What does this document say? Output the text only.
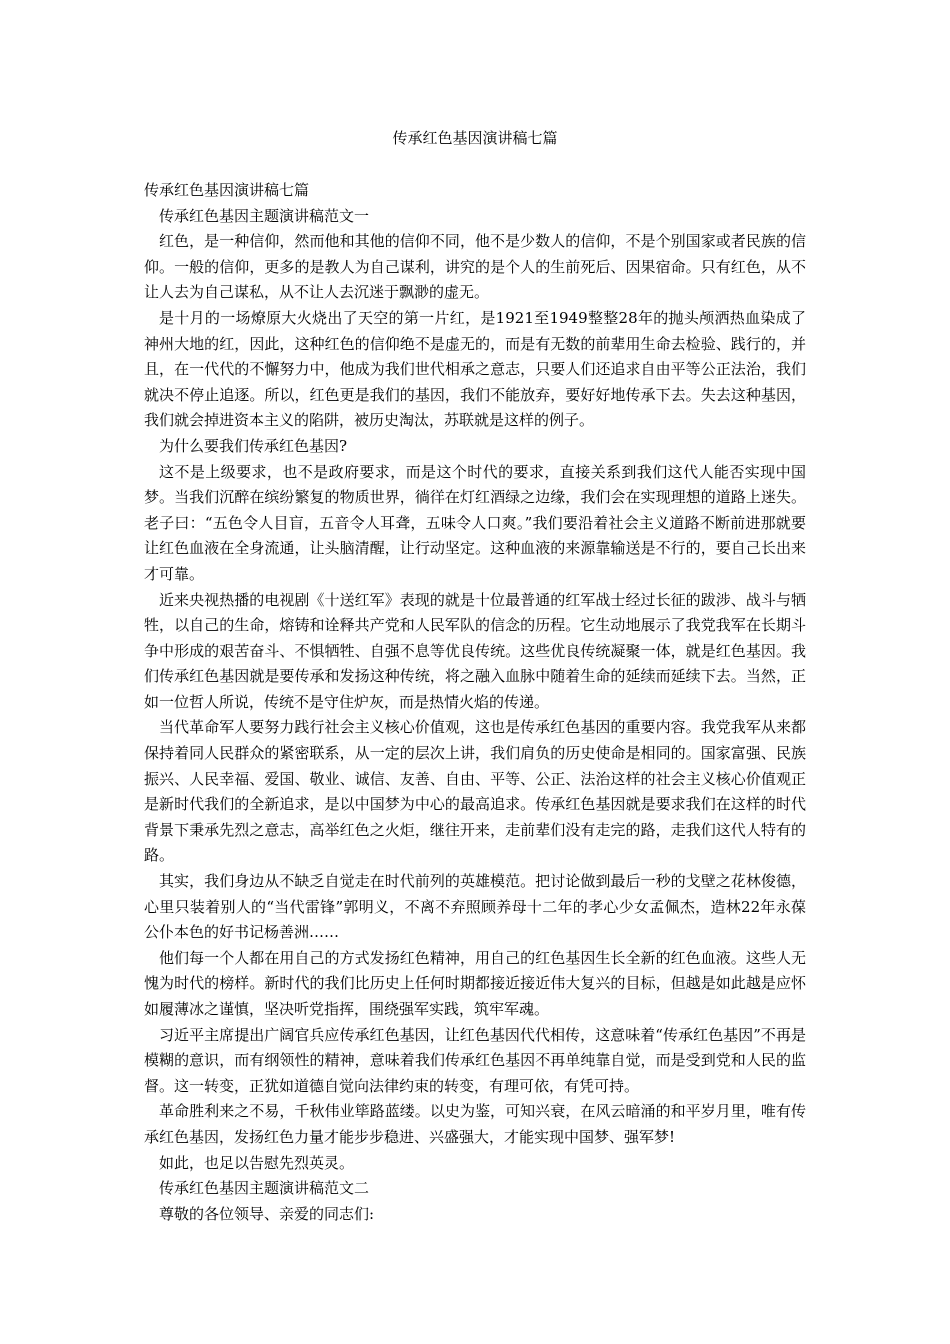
传承红色基因演讲稿七篇

传承红色基因演讲稿七篇

传承红色基因主题演讲稿范文一

红色，是一种信仰，然而他和其他的信仰不同，他不是少数人的信仰，不是个别国家或者民族的信仰。一般的信仰，更多的是教人为自己谋利，讲究的是个人的生前死后、因果宿命。只有红色，从不让人去为自己谋私，从不让人去沉迷于飘渺的虚无。

是十月的一场燎原大火烧出了天空的第一片红，是1921至1949整整28年的抛头颅洒热血染成了神州大地的红，因此，这种红色的信仰绝不是虚无的，而是有无数的前辈用生命去检验、践行的，并且，在一代代的不懈努力中，他成为我们世代相承之意志，只要人们还追求自由平等公正法治，我们就决不停止追逐。所以，红色更是我们的基因，我们不能放弃，要好好地传承下去。失去这种基因，我们就会掉进资本主义的陷阱，被历史淘汰，苏联就是这样的例子。

为什么要我们传承红色基因?

这不是上级要求，也不是政府要求，而是这个时代的要求，直接关系到我们这代人能否实现中国梦。当我们沉醉在缤纷繁复的物质世界，徜徉在灯红酒绿之边缘，我们会在实现理想的道路上迷失。老子曰：“五色令人目盲，五音令人耳聋，五味令人口爽。”我们要沿着社会主义道路不断前进那就要让红色血液在全身流通，让头脑清醒，让行动坚定。这种血液的来源靠输送是不行的，要自己长出来才可靠。

近来央视热播的电视剧《十送红军》表现的就是十位最普通的红军战士经过长征的跋涉、战斗与牺牲，以自己的生命，熔铸和诠释共产党和人民军队的信念的历程。它生动地展示了我党我军在长期斗争中形成的艰苦奋斗、不惧牺牲、自强不息等优良传统。这些优良传统凝聚一体，就是红色基因。我们传承红色基因就是要传承和发扬这种传统，将之融入血脉中随着生命的延续而延续下去。当然，正如一位哲人所说，传统不是守住炉灰，而是热情火焰的传递。

当代革命军人要努力践行社会主义核心价值观，这也是传承红色基因的重要内容。我党我军从来都保持着同人民群众的紧密联系，从一定的层次上讲，我们肩负的历史使命是相同的。国家富强、民族振兴、人民幸福、爱国、敬业、诚信、友善、自由、平等、公正、法治这样的社会主义核心价值观正是新时代我们的全新追求，是以中国梦为中心的最高追求。传承红色基因就是要求我们在这样的时代背景下秉承先烈之意志，高举红色之火炬，继往开来，走前辈们没有走完的路，走我们这代人特有的路。

其实，我们身边从不缺乏自觉走在时代前列的英雄模范。把讨论做到最后一秒的戈壁之花林俊德，心里只装着别人的“当代雷锋”郭明义，不离不弃照顾养母十二年的孝心少女孟佩杰，造林22年永葆公仆本色的好书记杨善洲……

他们每一个人都在用自己的方式发扬红色精神，用自己的红色基因生长全新的红色血液。这些人无愧为时代的榜样。新时代的我们比历史上任何时期都接近接近伟大复兴的目标，但越是如此越是应怀如履薄冰之谨慎，坚决听党指挥，围绕强军实践，筑牢军魂。

习近平主席提出广阔官兵应传承红色基因，让红色基因代代相传，这意味着“传承红色基因”不再是模糊的意识，而有纲领性的精神，意味着我们传承红色基因不再单纯靠自觉，而是受到党和人民的监督。这一转变，正犹如道德自觉向法律约束的转变，有理可依，有凭可持。

革命胜利来之不易，千秋伟业筚路蓝缕。以史为鉴，可知兴衰，在风云暗涌的和平岁月里，唯有传承红色基因，发扬红色力量才能步步稳进、兴盛强大，才能实现中国梦、强军梦!

如此，也足以告慰先烈英灵。

传承红色基因主题演讲稿范文二

尊敬的各位领导、亲爱的同志们:
